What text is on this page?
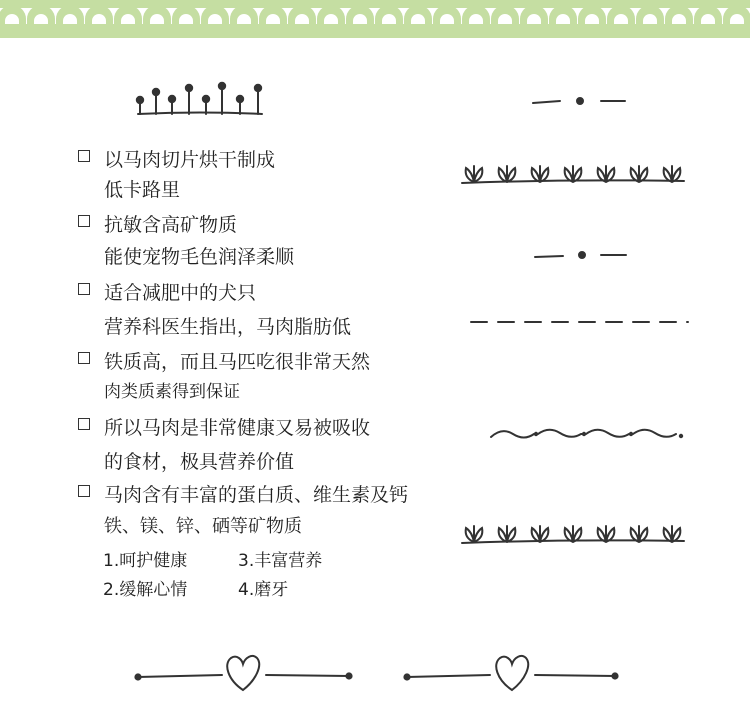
以马肉切片烘干制成
低卡路里
抗敏含高矿物质
能使宠物毛色润泽柔顺
适合减肥中的犬只
营养科医生指出，马肉脂肪低
铁质高，而且马匹吃很非常天然
肉类质素得到保证
所以马肉是非常健康又易被吸收
的食材，极具营养价值
马肉含有丰富的蛋白质、维生素及钙
铁、镁、锌、硒等矿物质
1.呵护健康	3.丰富营养
2.缓解心情	4.磨牙
